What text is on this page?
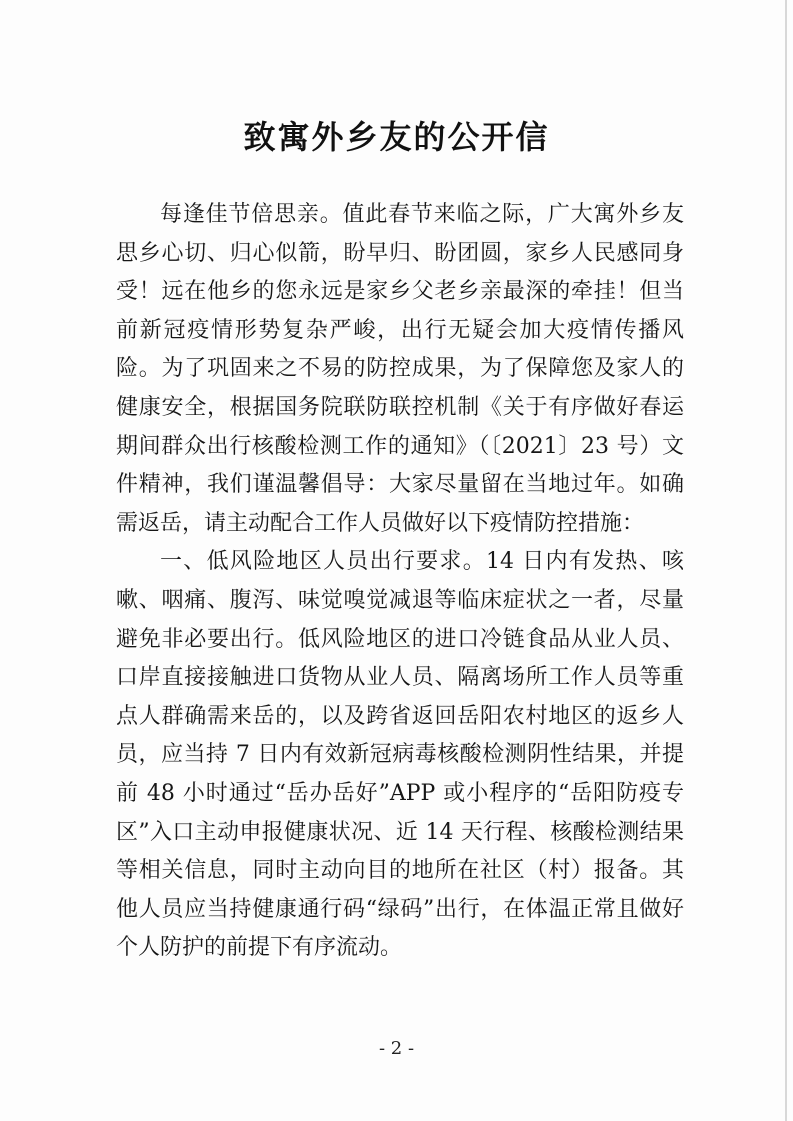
致寓外乡友的公开信

每逢佳节倍思亲。值此春节来临之际，广大寓外乡友思乡心切、归心似箭，盼早归、盼团圆，家乡人民感同身受！远在他乡的您永远是家乡父老乡亲最深的牵挂！但当前新冠疫情形势复杂严峻，出行无疑会加大疫情传播风险。为了巩固来之不易的防控成果，为了保障您及家人的健康安全，根据国务院联防联控机制《关于有序做好春运期间群众出行核酸检测工作的通知》（〔2021〕23 号）文件精神，我们谨温馨倡导：大家尽量留在当地过年。如确需返岳，请主动配合工作人员做好以下疫情防控措施：

一、低风险地区人员出行要求。14 日内有发热、咳嗽、咽痛、腹泻、味觉嗅觉减退等临床症状之一者，尽量避免非必要出行。低风险地区的进口冷链食品从业人员、口岸直接接触进口货物从业人员、隔离场所工作人员等重点人群确需来岳的，以及跨省返回岳阳农村地区的返乡人员，应当持 7 日内有效新冠病毒核酸检测阴性结果，并提前 48 小时通过“岳办岳好”APP 或小程序的“岳阳防疫专区”入口主动申报健康状况、近 14 天行程、核酸检测结果等相关信息，同时主动向目的地所在社区（村）报备。其他人员应当持健康通行码“绿码”出行，在体温正常且做好个人防护的前提下有序流动。

- 2 -
